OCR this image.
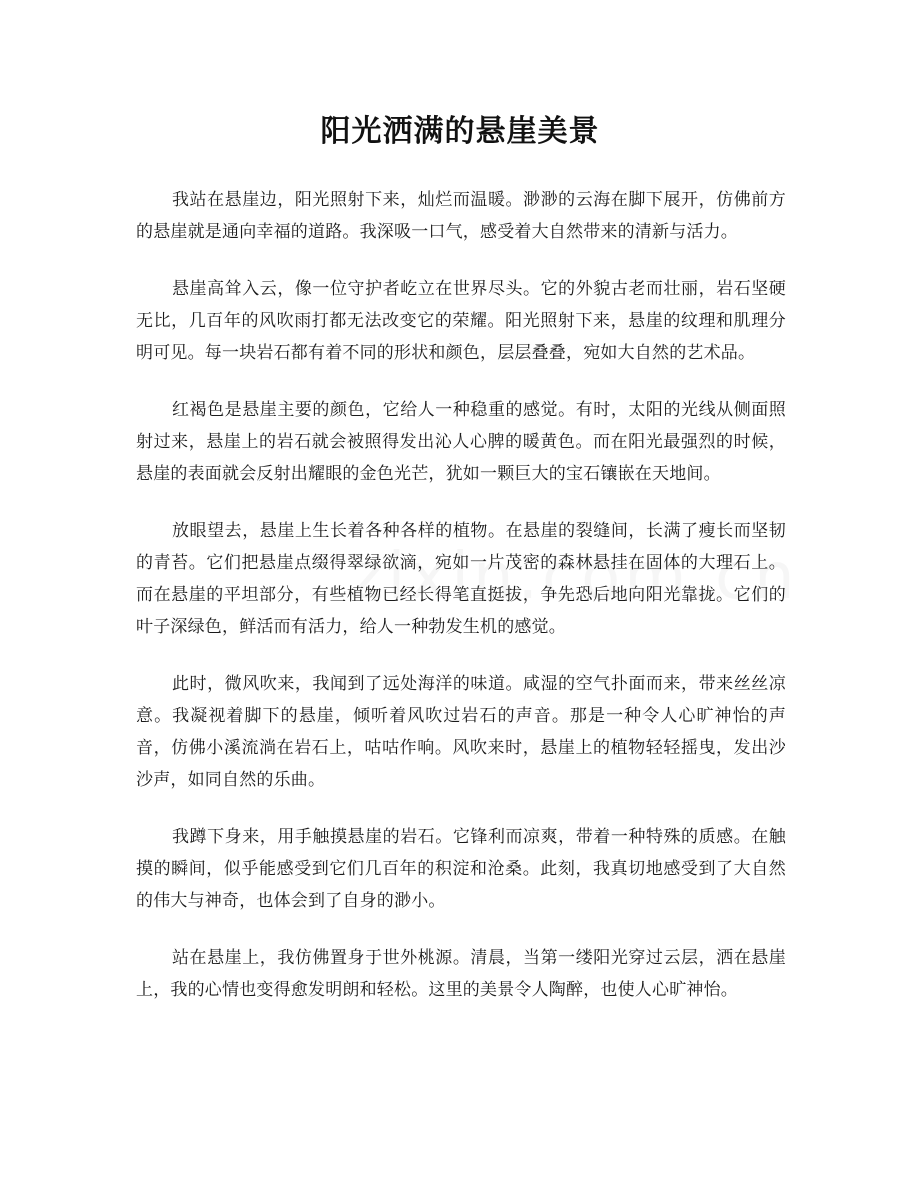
阳光洒满的悬崖美景

我站在悬崖边，阳光照射下来，灿烂而温暖。渺渺的云海在脚下展开，仿佛前方的悬崖就是通向幸福的道路。我深吸一口气，感受着大自然带来的清新与活力。

悬崖高耸入云，像一位守护者屹立在世界尽头。它的外貌古老而壮丽，岩石坚硬无比，几百年的风吹雨打都无法改变它的荣耀。阳光照射下来，悬崖的纹理和肌理分明可见。每一块岩石都有着不同的形状和颜色，层层叠叠，宛如大自然的艺术品。

红褐色是悬崖主要的颜色，它给人一种稳重的感觉。有时，太阳的光线从侧面照射过来，悬崖上的岩石就会被照得发出沁人心脾的暖黄色。而在阳光最强烈的时候，悬崖的表面就会反射出耀眼的金色光芒，犹如一颗巨大的宝石镶嵌在天地间。

放眼望去，悬崖上生长着各种各样的植物。在悬崖的裂缝间，长满了瘦长而坚韧的青苔。它们把悬崖点缀得翠绿欲滴，宛如一片茂密的森林悬挂在固体的大理石上。而在悬崖的平坦部分，有些植物已经长得笔直挺拔，争先恐后地向阳光靠拢。它们的叶子深绿色，鲜活而有活力，给人一种勃发生机的感觉。

此时，微风吹来，我闻到了远处海洋的味道。咸湿的空气扑面而来，带来丝丝凉意。我凝视着脚下的悬崖，倾听着风吹过岩石的声音。那是一种令人心旷神怡的声音，仿佛小溪流淌在岩石上，咕咕作响。风吹来时，悬崖上的植物轻轻摇曳，发出沙沙声，如同自然的乐曲。

我蹲下身来，用手触摸悬崖的岩石。它锋利而凉爽，带着一种特殊的质感。在触摸的瞬间，似乎能感受到它们几百年的积淀和沧桑。此刻，我真切地感受到了大自然的伟大与神奇，也体会到了自身的渺小。

站在悬崖上，我仿佛置身于世外桃源。清晨，当第一缕阳光穿过云层，洒在悬崖上，我的心情也变得愈发明朗和轻松。这里的美景令人陶醉，也使人心旷神怡。
